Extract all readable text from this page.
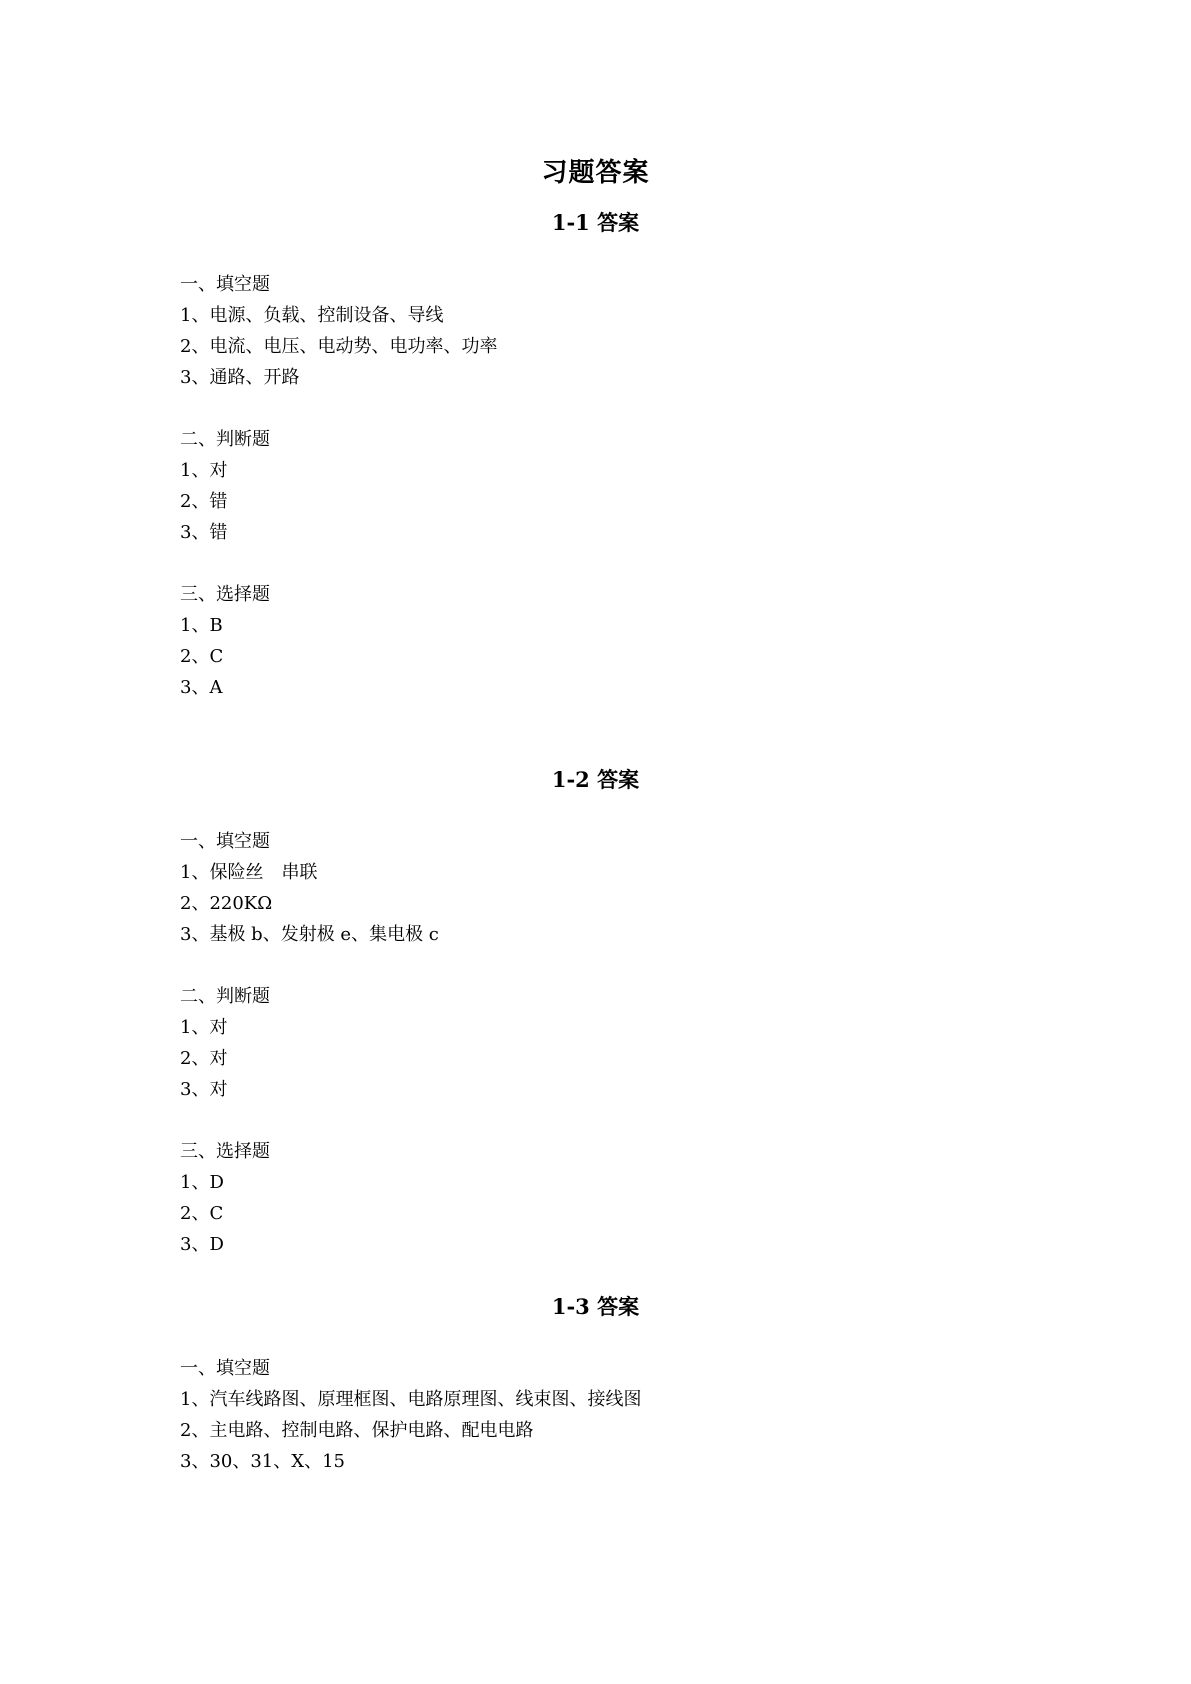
习题答案
1-1 答案
一、填空题
1、电源、负载、控制设备、导线
2、电流、电压、电动势、电功率、功率
3、通路、开路
二、判断题
1、对
2、错
3、错
三、选择题
1、B
2、C
3、A
1-2 答案
一、填空题
1、保险丝　串联
2、220KΩ
3、基极 b、发射极 e、集电极 c
二、判断题
1、对
2、对
3、对
三、选择题
1、D
2、C
3、D
1-3 答案
一、填空题
1、汽车线路图、原理框图、电路原理图、线束图、接线图
2、主电路、控制电路、保护电路、配电电路
3、30、31、X、15
